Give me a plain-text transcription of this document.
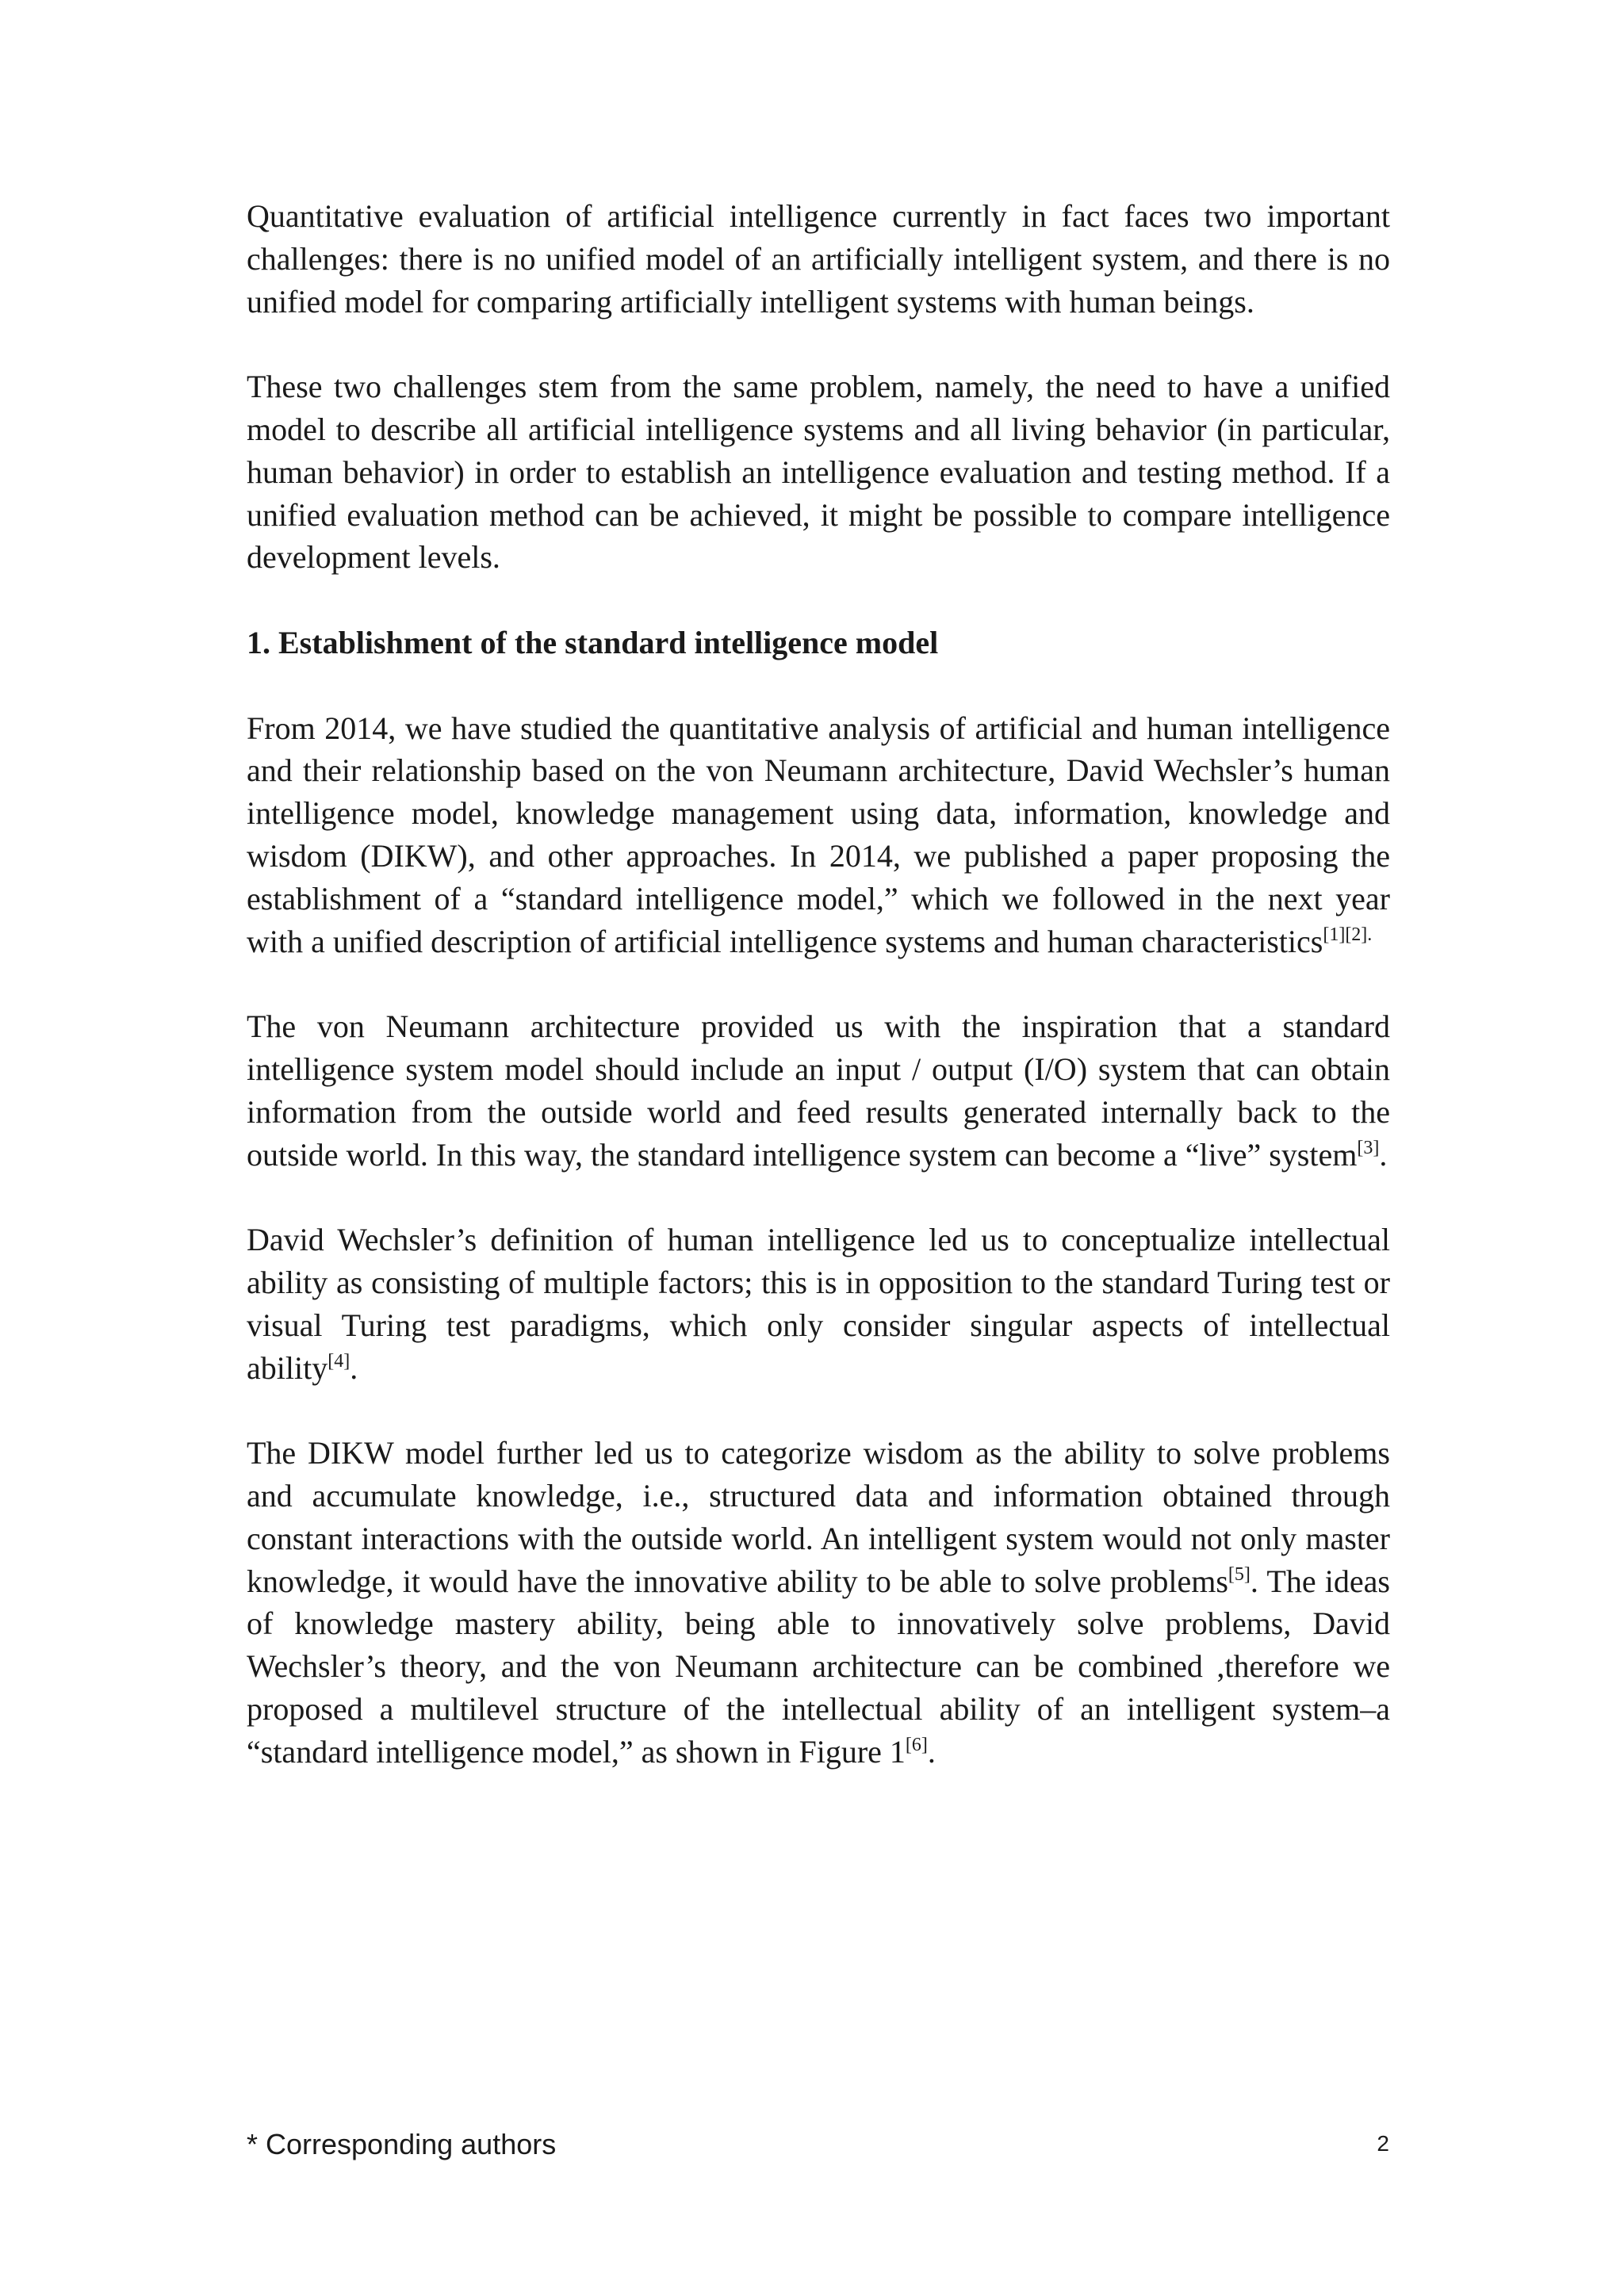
Quantitative evaluation of artificial intelligence currently in fact faces two important challenges: there is no unified model of an artificially intelligent system, and there is no unified model for comparing artificially intelligent systems with human beings.

These two challenges stem from the same problem, namely, the need to have a unified model to describe all artificial intelligence systems and all living behavior (in particular, human behavior) in order to establish an intelligence evaluation and testing method. If a unified evaluation method can be achieved, it might be possible to compare intelligence development levels.

1. Establishment of the standard intelligence model

From 2014, we have studied the quantitative analysis of artificial and human intelligence and their relationship based on the von Neumann architecture, David Wechsler’s human intelligence model, knowledge management using data, information, knowledge and wisdom (DIKW), and other approaches. In 2014, we published a paper proposing the establishment of a “standard intelligence model,” which we followed in the next year with a unified description of artificial intelligence systems and human characteristics$^{[1][2].}$

The von Neumann architecture provided us with the inspiration that a standard intelligence system model should include an input / output (I/O) system that can obtain information from the outside world and feed results generated internally back to the outside world. In this way, the standard intelligence system can become a “live” system[3].

David Wechsler’s definition of human intelligence led us to conceptualize intellectual ability as consisting of multiple factors; this is in opposition to the standard Turing test or visual Turing test paradigms, which only consider singular aspects of intellectual ability[4].

The DIKW model further led us to categorize wisdom as the ability to solve problems and accumulate knowledge, i.e., structured data and information obtained through constant interactions with the outside world. An intelligent system would not only master knowledge, it would have the innovative ability to be able to solve problems[5]. The ideas of knowledge mastery ability, being able to innovatively solve problems, David Wechsler’s theory, and the von Neumann architecture can be combined ,therefore we proposed a multilevel structure of the intellectual ability of an intelligent system–a “standard intelligence model,” as shown in Figure 1[6].

* Corresponding authors	2
